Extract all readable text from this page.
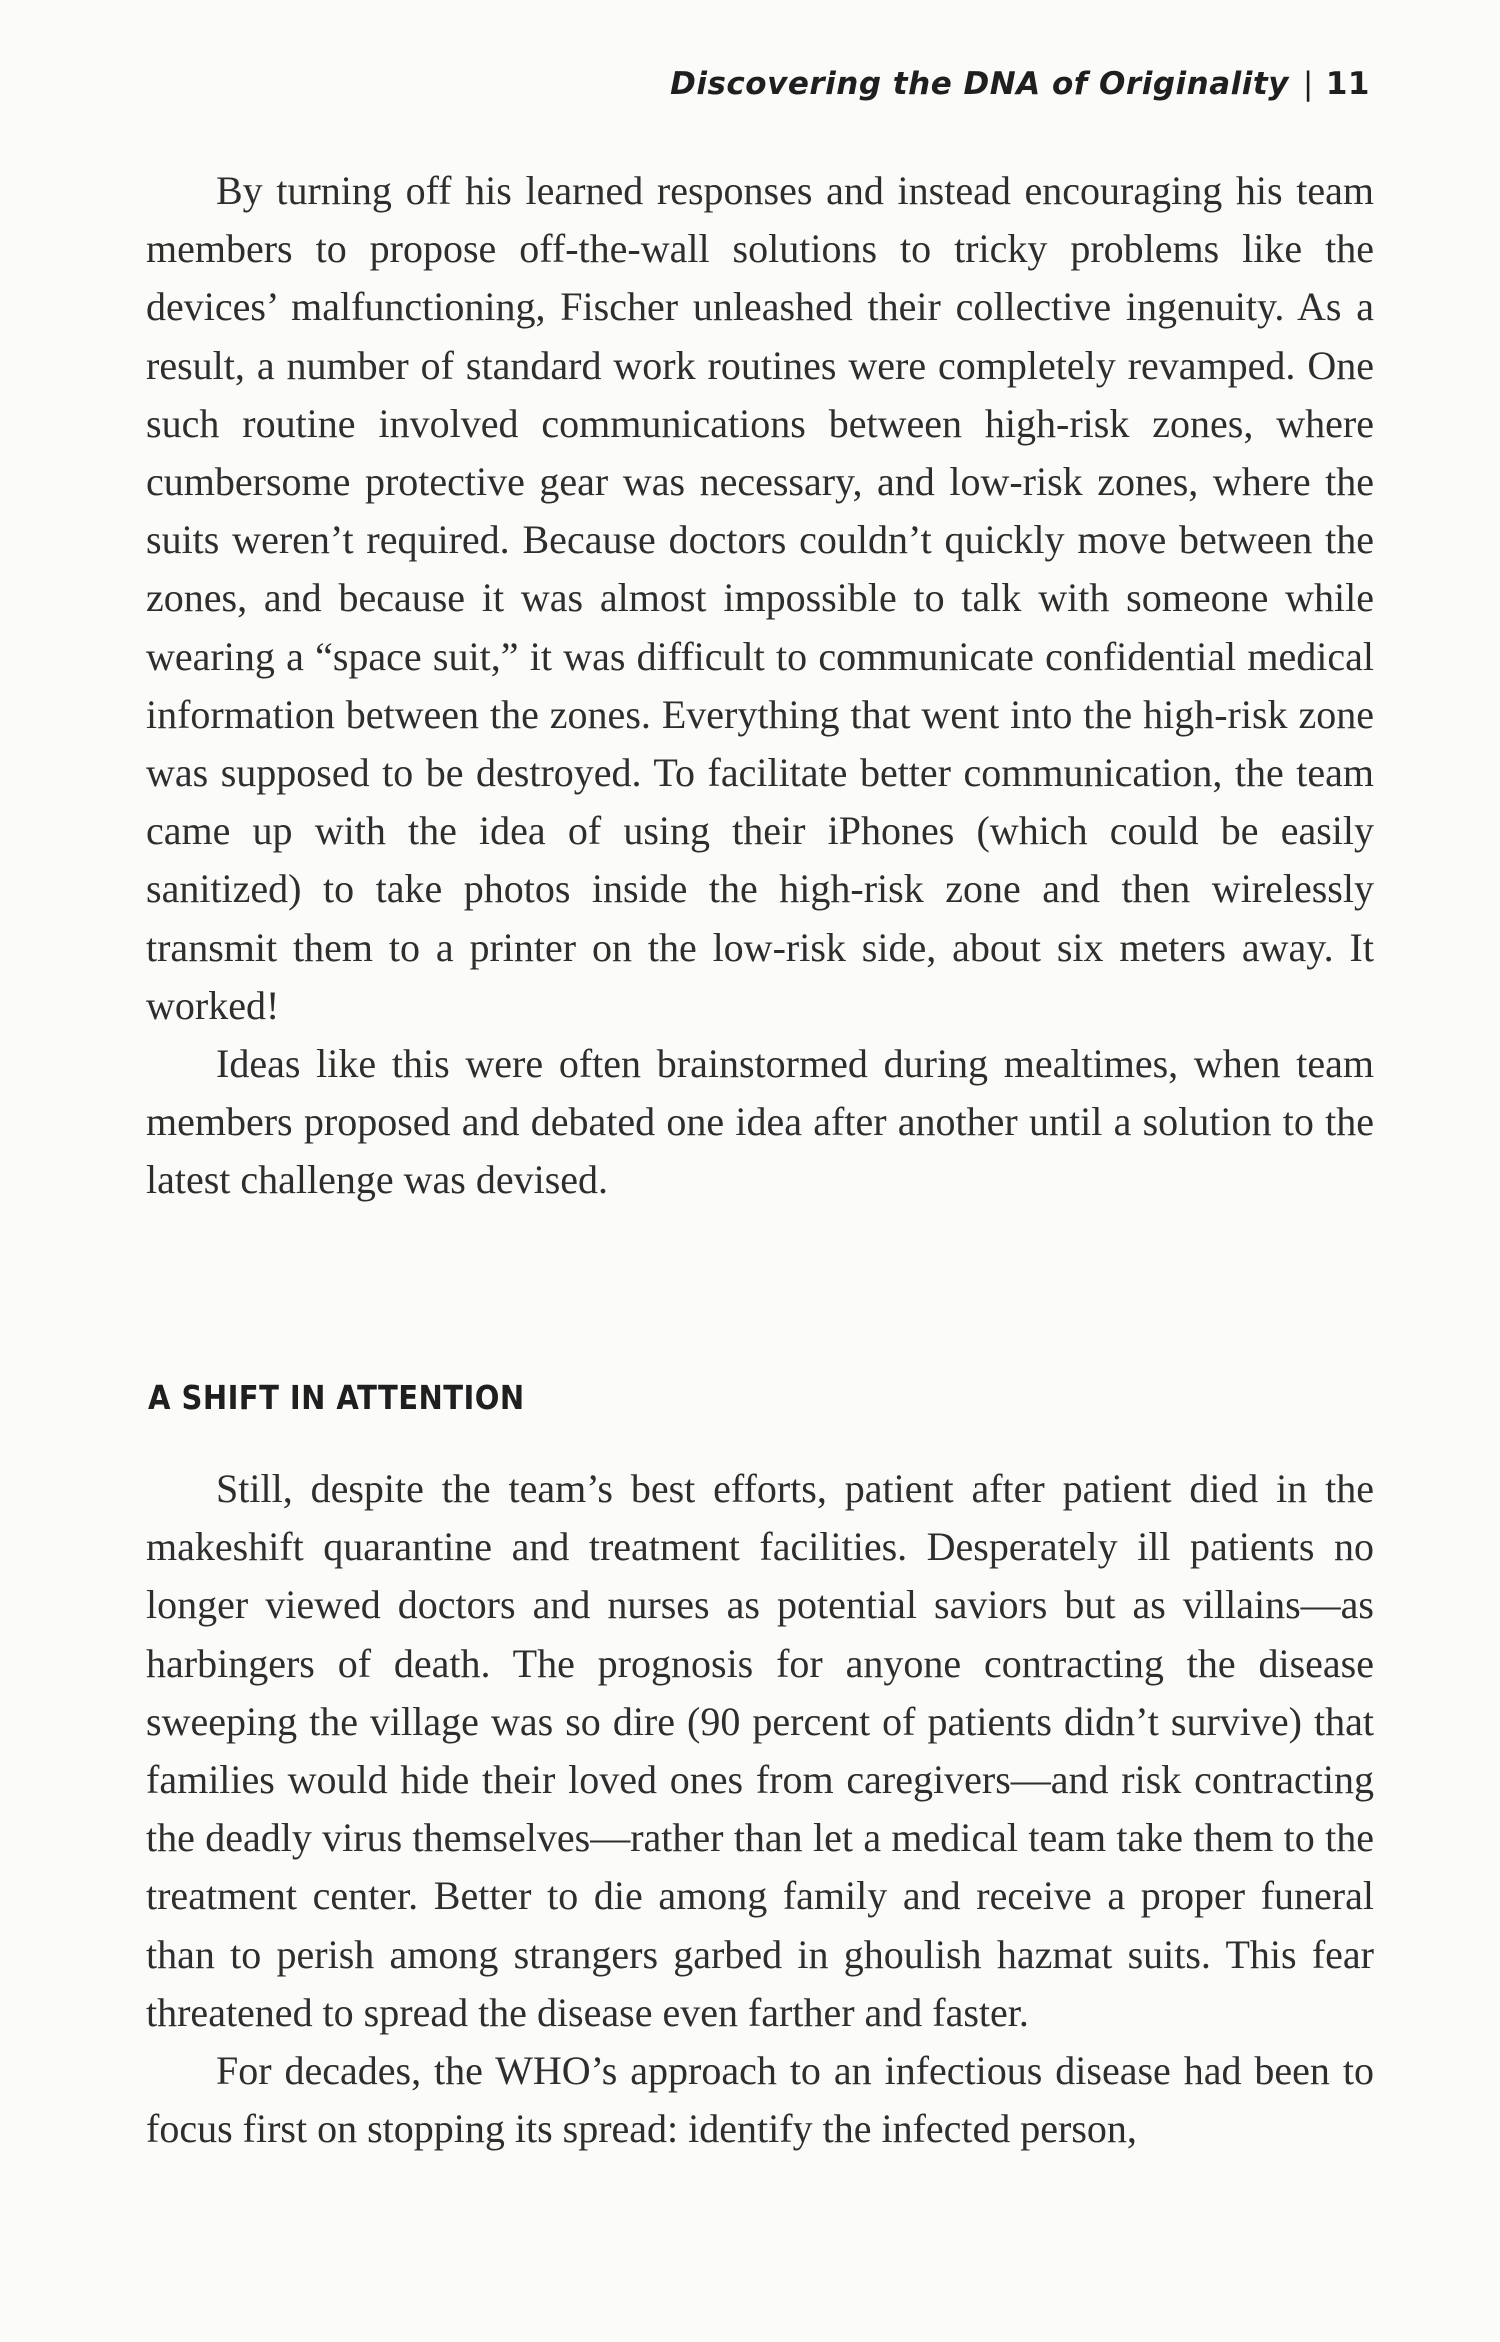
Discovering the DNA of Originality | 11

By turning off his learned responses and instead encouraging his team members to propose off-the-wall solutions to tricky problems like the devices’ malfunctioning, Fischer unleashed their collective ingenuity. As a result, a number of standard work routines were completely revamped. One such routine involved communications between high-risk zones, where cumbersome protective gear was necessary, and low-risk zones, where the suits weren’t required. Because doctors couldn’t quickly move between the zones, and because it was almost impossible to talk with someone while wearing a “space suit,” it was difficult to communicate confidential medical information between the zones. Everything that went into the high-risk zone was supposed to be destroyed. To facilitate better communication, the team came up with the idea of using their iPhones (which could be easily sanitized) to take photos inside the high-risk zone and then wirelessly transmit them to a printer on the low-risk side, about six meters away. It worked!

Ideas like this were often brainstormed during mealtimes, when team members proposed and debated one idea after another until a solution to the latest challenge was devised.

A SHIFT IN ATTENTION

Still, despite the team’s best efforts, patient after patient died in the makeshift quarantine and treatment facilities. Desperately ill patients no longer viewed doctors and nurses as potential saviors but as villains—as harbingers of death. The prognosis for anyone contracting the disease sweeping the village was so dire (90 percent of patients didn’t survive) that families would hide their loved ones from caregivers—and risk contracting the deadly virus themselves—rather than let a medical team take them to the treatment center. Better to die among family and receive a proper funeral than to perish among strangers garbed in ghoulish hazmat suits. This fear threatened to spread the disease even farther and faster.

For decades, the WHO’s approach to an infectious disease had been to focus first on stopping its spread: identify the infected person,
